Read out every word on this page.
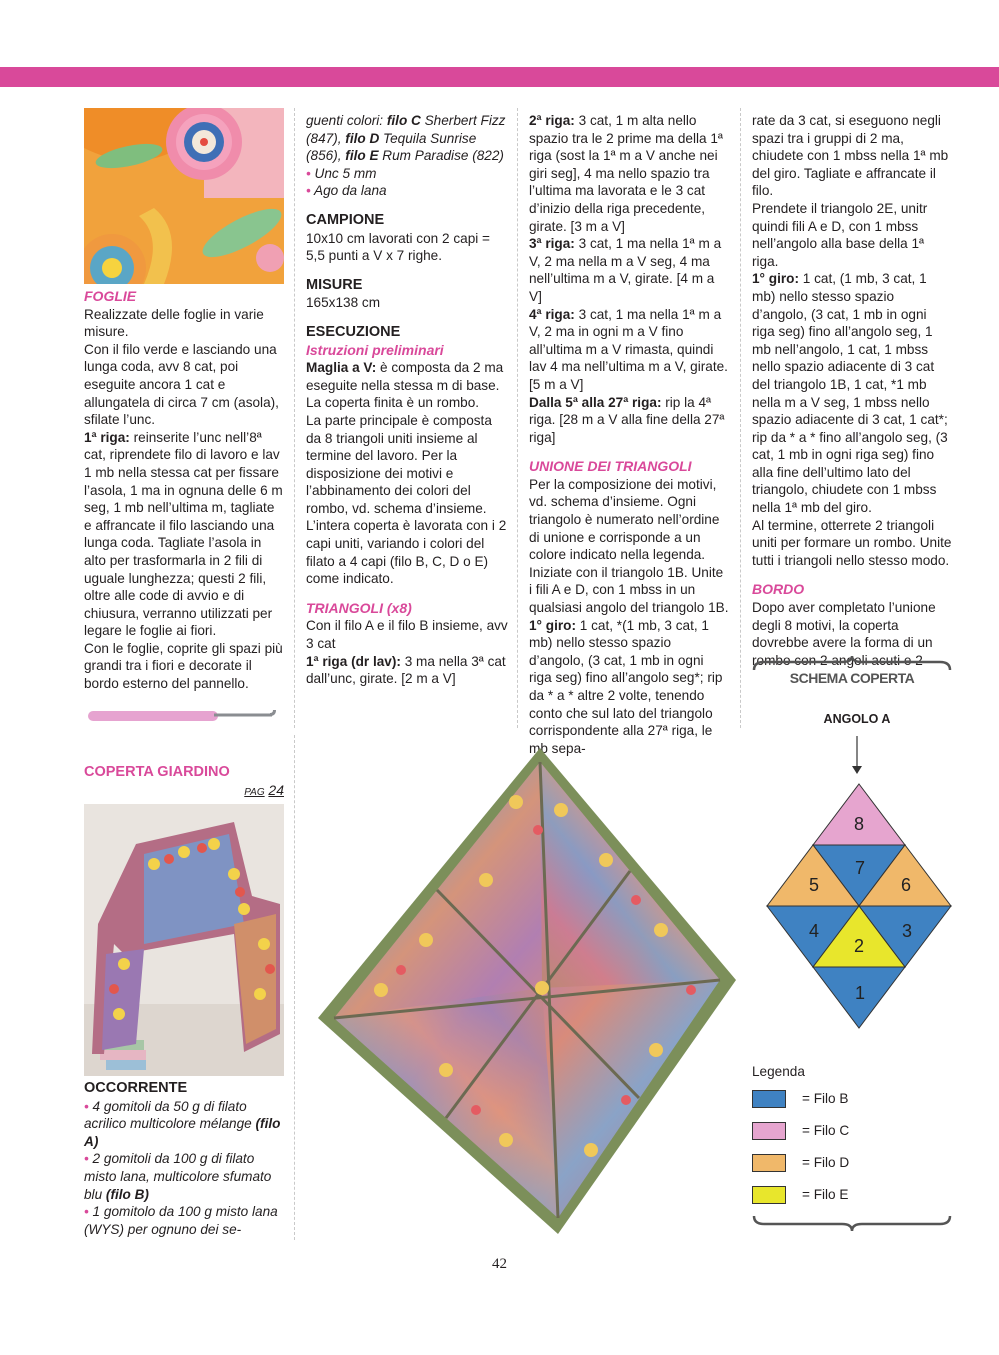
FOGLIE

Realizzate delle foglie in varie misure.

Con il filo verde e lasciando una lunga coda, avv 8 cat, poi eseguite ancora 1 cat e allungatela di circa 7 cm (asola), sfilate l’unc.

1ª riga: reinserite l’unc nell’8ª cat, riprendete filo di lavoro e lav 1 mb nella stessa cat per fissare l’asola, 1 ma in ognuna delle 6 m seg, 1 mb nell’ultima m, tagliate e affrancate il filo lasciando una lunga coda. Tagliate l’asola in alto per trasformarla in 2 fili di uguale lunghezza; questi 2 fili, oltre alle code di avvio e di chiusura, verranno utilizzati per legare le foglie ai fiori.

Con le foglie, coprite gli spazi più grandi tra i fiori e decorate il bordo esterno del pannello.

COPERTA GIARDINO

PAG 24

OCCORRENTE

• 4 gomitoli da 50 g di filato acrilico multicolore mélange (filo A)

• 2 gomitoli da 100 g di filato misto lana, multicolore sfumato blu (filo B)

• 1 gomitolo da 100 g misto lana (WYS) per ognuno dei se-

guenti colori: filo C Sherbert Fizz (847), filo D Tequila Sunrise (856), filo E Rum Paradise (822)

• Unc 5 mm

• Ago da lana

CAMPIONE

10x10 cm lavorati con 2 capi = 5,5 punti a V x 7 righe.

MISURE

165x138 cm

ESECUZIONE

Istruzioni preliminari

Maglia a V: è composta da 2 ma eseguite nella stessa m di base.

La coperta finita è un rombo.

La parte principale è composta da 8 triangoli uniti insieme al termine del lavoro. Per la disposizione dei motivi e l’abbinamento dei colori del rombo, vd. schema d’insieme. L’intera coperta è lavorata con i 2 capi uniti, variando i colori del filato a 4 capi (filo B, C, D o E) come indicato.

TRIANGOLI (x8)

Con il filo A e il filo B insieme, avv 3 cat

1ª riga (dr lav): 3 ma nella 3ª cat dall’unc, girate. [2 m a V]

2ª riga: 3 cat, 1 m alta nello spazio tra le 2 prime ma della 1ª riga (sost la 1ª m a V anche nei giri seg], 4 ma nello spazio tra l’ultima ma lavorata e le 3 cat d’inizio della riga precedente, girate. [3 m a V]

3ª riga: 3 cat, 1 ma nella 1ª m a V, 2 ma nella m a V seg, 4 ma nell’ultima m a V, girate. [4 m a V]

4ª riga: 3 cat, 1 ma nella 1ª m a V, 2 ma in ogni m a V fino all’ultima m a V rimasta, quindi lav 4 ma nell’ultima m a V, girate. [5 m a V]

Dalla 5ª alla 27ª riga: rip la 4ª riga. [28 m a V alla fine della 27ª riga]

UNIONE DEI TRIANGOLI

Per la composizione dei motivi, vd. schema d’insieme. Ogni triangolo è numerato nell’ordine di unione e corrisponde a un colore indicato nella legenda. Iniziate con il triangolo 1B. Unite i fili A e D, con 1 mbss in un qualsiasi angolo del triangolo 1B.

1° giro: 1 cat, *(1 mb, 3 cat, 1 mb) nello stesso spazio d’angolo, (3 cat, 1 mb in ogni riga seg) fino all’angolo seg*; rip da * a * altre 2 volte, tenendo conto che sul lato del triangolo corrispondente alla 27ª riga, le mb sepa-

rate da 3 cat, si eseguono negli spazi tra i gruppi di 2 ma, chiudete con 1 mbss nella 1ª mb del giro. Tagliate e affrancate il filo.

Prendete il triangolo 2E, unitr quindi fili A e D, con 1 mbss nell’angolo alla base della 1ª riga.

1° giro: 1 cat, (1 mb, 3 cat, 1 mb) nello stesso spazio d’angolo, (3 cat, 1 mb in ogni riga seg) fino all’angolo seg, 1 mb nell’angolo, 1 cat, 1 mbss nello spazio adiacente di 3 cat del triangolo 1B, 1 cat, *1 mb nella m a V seg, 1 mbss nello spazio adiacente di 3 cat, 1 cat*; rip da * a * fino all’angolo seg, (3 cat, 1 mb in ogni riga seg) fino alla fine dell’ultimo lato del triangolo, chiudete con 1 mbss nella 1ª mb del giro.

Al termine, otterrete 2 triangoli uniti per formare un rombo. Unite tutti i triangoli nello stesso modo.

BORDO

Dopo aver completato l’unione degli 8 motivi, la coperta dovrebbe avere la forma di un rombo con 2 angoli acuti e 2

SCHEMA COPERTA
ANGOLO A
8
7
5	6
4	3
2
1
Legenda
= Filo B
= Filo C
= Filo D
= Filo E
42
